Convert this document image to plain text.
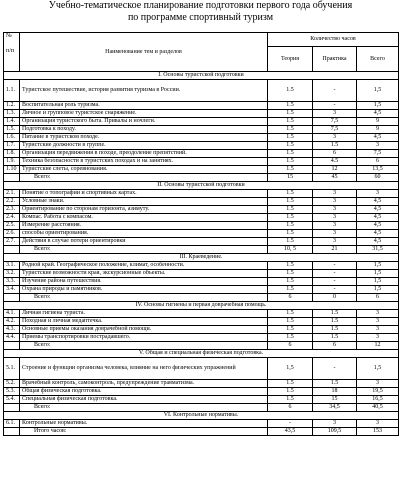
Учебно-тематическое планирование подготовки первого года обучения
по программе спортивный туризм
№
п/п	Наименование тем и разделов	Количество часов		
		Теория	Практика	Всего
I. Основы туристской подготовки				
1.1.	Туристское путешествие, история развития туризма в России.	1.5	-	1,5
1.2.	Воспитательная роль туризма.	1.5	-	1,5
1.3.	Личное и групповое туристское снаряжение.	1.5	3	4,5
1.4.	Организация туристского быта. Привалы и ночлеги.	1.5	7,5	9
1.5.	Подготовка к походу.	1.5	7,5	9
1.6.	Питание в туристском походе.	1.5	3	4,5
1.7.	Туристские должности в группе.	1.5	1.5	3
1.8.	Организация передвижения в походе, преодоление препятствий.	1.5	6	7,5
1.9.	Техника безопасности в туристских походах и на занятиях.	1.5	4.5	6
1.10	Туристские слеты, соревнования.	1.5	12	13,5
	Всего:	15	45	60
II. Основы туристской подготовки				
2.1.	Понятие о топографии и спортивных картах.	1.5	3	3
2.2.	Условные знаки.	1.5	3	4,5
2.3.	Ориентирование по сторонам горизонта, азимуту.	1.5	3	4,5
2.4.	Компас. Работа с компасом.	1.5	3	4,5
2.5.	Измерение расстояния.	1.5	3	4,5
2.6.	способы ориентирования.	1.5	3	4,5
2.7.	Действия в случае потери ориентировки	1.5	3	4,5
	Всего:	10, 5	21	31,5
III. Краеведение.				
3.1.	Родной край. Географическое положение, климат, особенности.	1.5	-	1,5
3.2.	Туристские возможности края, экскурсионные объекты.	1.5	-	1,5
3.3.	Изучение района путешествия.	1.5	-	1,5
3.4.	Охрана природы и памятников.	1.5	-	1,5
	Всего:	6	0	6
IV. Основы гигиены и первая доврачебная помощь.				
4.1.	Личная гигиена туриста.	1.5	1.5	3
4.2.	Походная и личная медаптечка.	1.5	1.5	3
4.3.	Основные приемы оказания доврачебной помощи.	1.5	1.5	3
4.4.	Приемы транспортировки пострадавшего.	1.5	1.5	3
	Всего:	6	6	12
V. Общая и специальная физическая подготовка.				
5.1.	Строение и функции организма человека, влияние на него физических упражнений	1,5	-	1,5
5.2.	Врачебный контроль, самоконтроль, предупреждение травматизма.	1.5	1.5	3
5.3.	Общая физическая подготовка.	1.5	18	19,5
5.4.	Специальная физическая подготовка.	1.5	15	16,5
	Всего:	6	34,5	40,5
VI. Контрольные нормативы.				
6.1.	Контрольные нормативы.	-	3	3
	Итого часов:	43,5	109,5	153
